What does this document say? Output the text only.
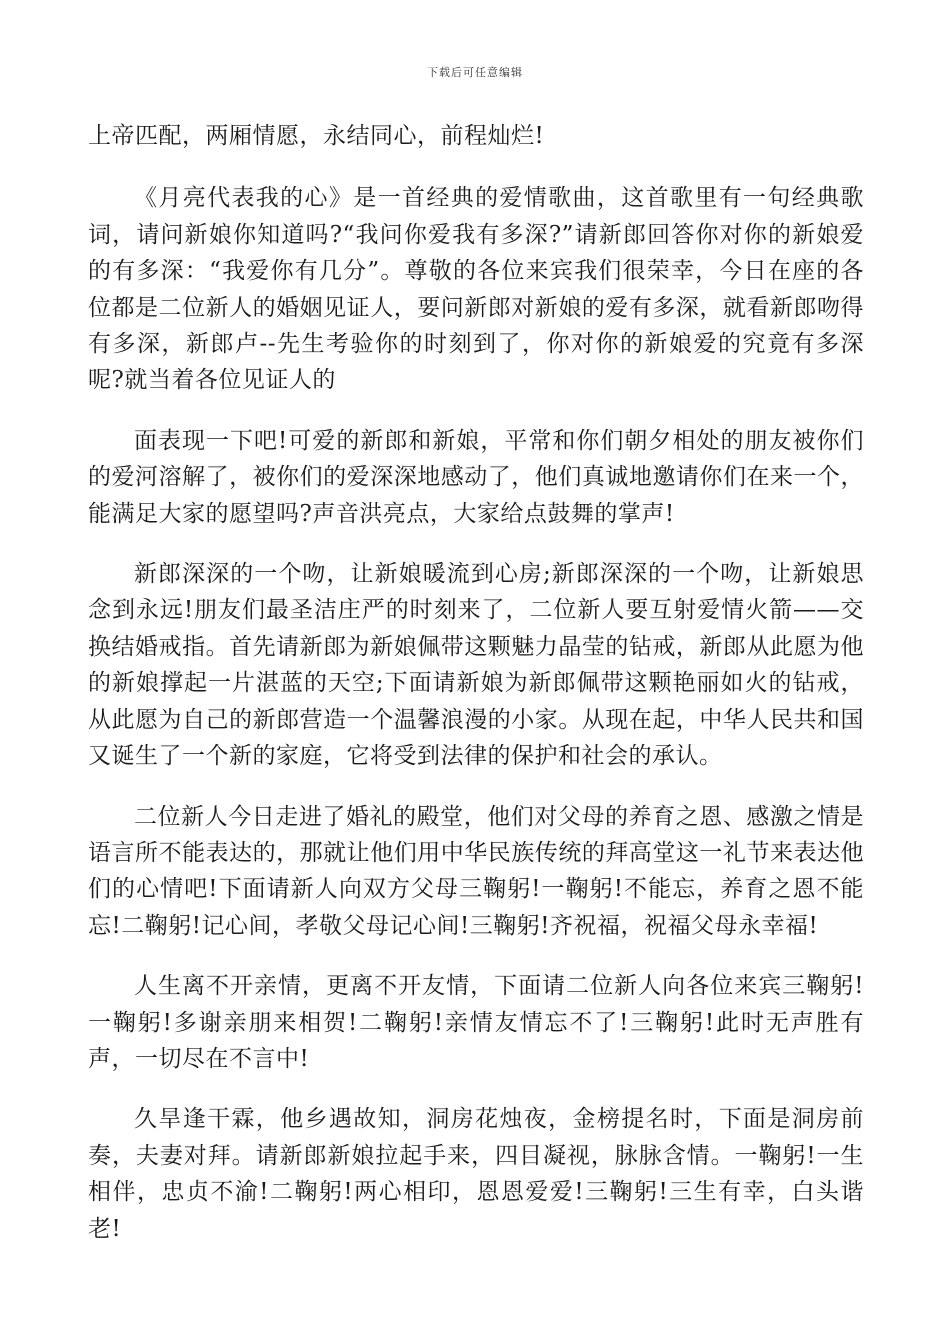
下载后可任意编辑

上帝匹配，两厢情愿，永结同心，前程灿烂!

《月亮代表我的心》是一首经典的爱情歌曲，这首歌里有一句经典歌词，请问新娘你知道吗?“我问你爱我有多深?”请新郎回答你对你的新娘爱的有多深：“我爱你有几分”。尊敬的各位来宾我们很荣幸，今日在座的各位都是二位新人的婚姻见证人，要问新郎对新娘的爱有多深，就看新郎吻得有多深，新郎卢--先生考验你的时刻到了，你对你的新娘爱的究竟有多深呢?就当着各位见证人的

面表现一下吧!可爱的新郎和新娘，平常和你们朝夕相处的朋友被你们的爱河溶解了，被你们的爱深深地感动了，他们真诚地邀请你们在来一个，能满足大家的愿望吗?声音洪亮点，大家给点鼓舞的掌声!

新郎深深的一个吻，让新娘暖流到心房;新郎深深的一个吻，让新娘思念到永远!朋友们最圣洁庄严的时刻来了，二位新人要互射爱情火箭——交换结婚戒指。首先请新郎为新娘佩带这颗魅力晶莹的钻戒，新郎从此愿为他的新娘撑起一片湛蓝的天空;下面请新娘为新郎佩带这颗艳丽如火的钻戒，从此愿为自己的新郎营造一个温馨浪漫的小家。从现在起，中华人民共和国又诞生了一个新的家庭，它将受到法律的保护和社会的承认。

二位新人今日走进了婚礼的殿堂，他们对父母的养育之恩、感激之情是语言所不能表达的，那就让他们用中华民族传统的拜高堂这一礼节来表达他们的心情吧!下面请新人向双方父母三鞠躬!一鞠躬!不能忘，养育之恩不能忘!二鞠躬!记心间，孝敬父母记心间!三鞠躬!齐祝福，祝福父母永幸福!

人生离不开亲情，更离不开友情，下面请二位新人向各位来宾三鞠躬!一鞠躬!多谢亲朋来相贺!二鞠躬!亲情友情忘不了!三鞠躬!此时无声胜有声，一切尽在不言中!

久旱逢干霖，他乡遇故知，洞房花烛夜，金榜提名时，下面是洞房前奏，夫妻对拜。请新郎新娘拉起手来，四目凝视，脉脉含情。一鞠躬!一生相伴，忠贞不渝!二鞠躬!两心相印，恩恩爱爱!三鞠躬!三生有幸，白头谐老!
